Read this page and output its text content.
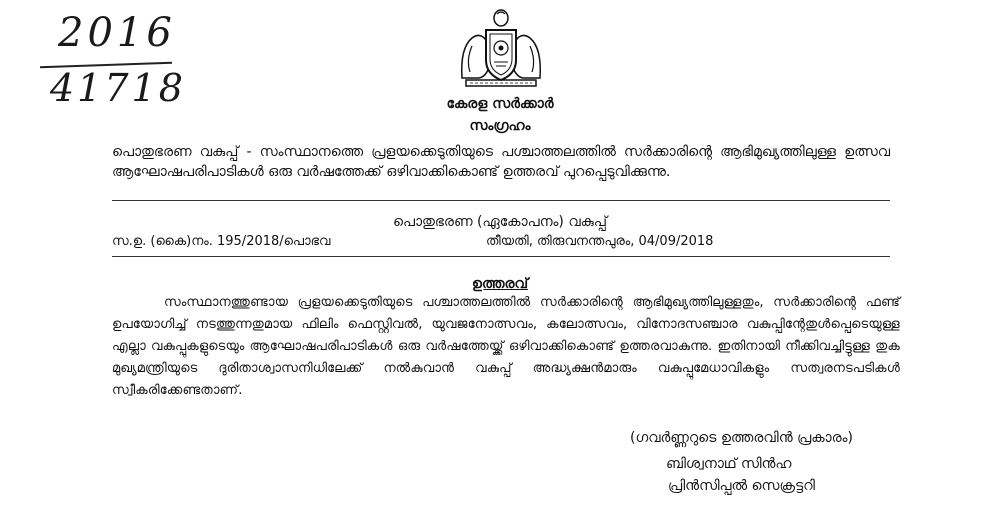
2016
41718	കേരള സർക്കാർ
സംഗ്രഹം
പൊതുഭരണ വകുപ്പ് - സംസ്ഥാനത്തെ പ്രളയക്കെടുതിയുടെ പശ്ചാത്തലത്തിൽ സർക്കാരിന്റെ ആഭിമുഖ്യത്തിലുള്ള ഉത്സവ ആഘോഷപരിപാടികൾ ഒരു വർഷത്തേക്ക് ഒഴിവാക്കികൊണ്ട് ഉത്തരവ് പുറപ്പെടുവിക്കുന്നു.
പൊതുഭരണ (ഏകോപനം) വകുപ്പ്
സ.ഉ. (കൈ)നം. 195/2018/പൊഭവ	തീയതി, തിരുവനന്തപുരം, 04/09/2018
ഉത്തരവ്
സംസ്ഥാനത്തുണ്ടായ പ്രളയക്കെടുതിയുടെ പശ്ചാത്തലത്തിൽ സർക്കാരിന്റെ ആഭിമുഖ്യത്തിലുള്ളതും, സർക്കാരിന്റെ ഫണ്ട് ഉപയോഗിച്ച് നടത്തുന്നതുമായ ഫിലിം ഫെസ്റ്റിവൽ, യുവജനോത്സവം, കലോത്സവം, വിനോദസഞ്ചാര വകുപ്പിന്റേതുൾപ്പെടെയുള്ള എല്ലാ വകുപ്പുകളുടെയും ആഘോഷപരിപാടികൾ ഒരു വർഷത്തേയ്ക്ക് ഒഴിവാക്കികൊണ്ട് ഉത്തരവാകുന്നു. ഇതിനായി നീക്കിവച്ചിട്ടുള്ള തുക മുഖ്യമന്ത്രിയുടെ ദുരിതാശ്വാസനിധിലേക്ക് നൽകുവാൻ വകുപ്പ് അദ്ധ്യക്ഷൻമാരും വകുപ്പുമേധാവികളും സത്വരനടപടികൾ സ്വീകരിക്കേണ്ടതാണ്.
(ഗവർണ്ണറുടെ ഉത്തരവിൻ പ്രകാരം)
ബിശ്വനാഥ് സിൻഹ
പ്രിൻസിപ്പൽ സെക്രട്ടറി
